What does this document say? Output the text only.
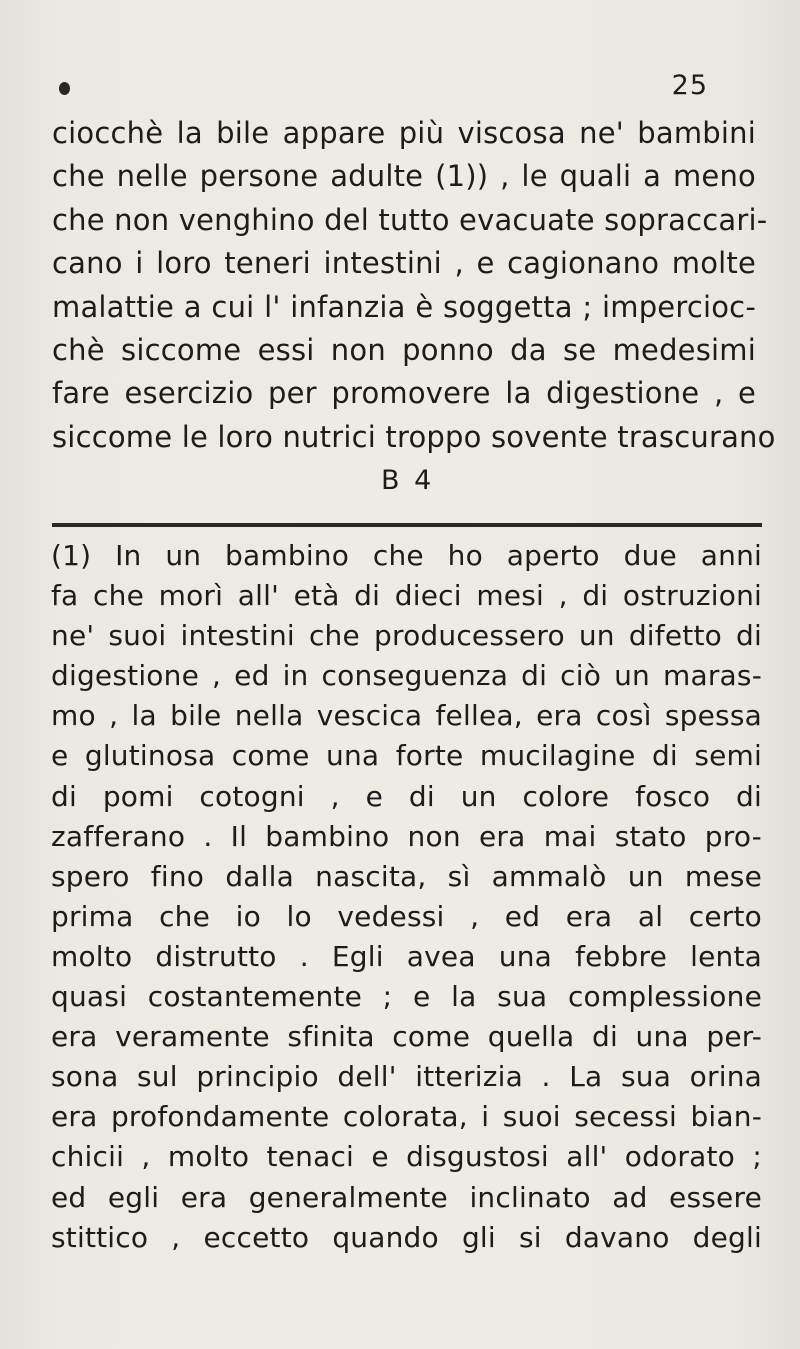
25
ciocchè la bile appare più viscosa ne' bambini
che nelle persone adulte (1)) , le quali a meno
che non venghino del tutto evacuate sopraccari-
cano i loro teneri intestini , e cagionano molte
malattie a cui l' infanzia è soggetta ; impercioc-
chè siccome essi non ponno da se medesimi
fare esercizio per promovere la digestione , e
siccome le loro nutrici troppo sovente trascurano
B 4
(1) In un bambino che ho aperto due anni
fa che morì all' età di dieci mesi , di ostruzioni
ne' suoi intestini che producessero un difetto di
digestione , ed in conseguenza di ciò un maras-
mo , la bile nella vescica fellea, era così spessa
e glutinosa come una forte mucilagine di semi
di pomi cotogni , e di un colore fosco di
zafferano . Il bambino non era mai stato pro-
spero fino dalla nascita, sì ammalò un mese
prima che io lo vedessi , ed era al certo
molto distrutto . Egli avea una febbre lenta
quasi costantemente ; e la sua complessione
era veramente sfinita come quella di una per-
sona sul principio dell' itterizia . La sua orina
era profondamente colorata, i suoi secessi bian-
chicii , molto tenaci e disgustosi all' odorato ;
ed egli era generalmente inclinato ad essere
stittico , eccetto quando gli si davano degli
